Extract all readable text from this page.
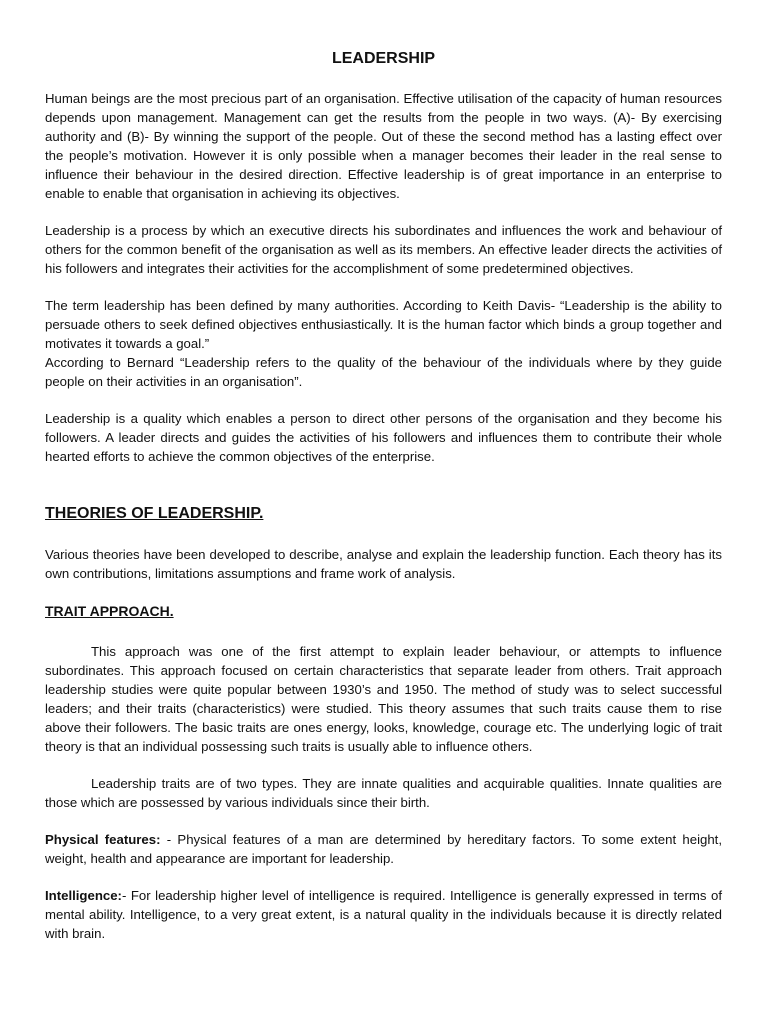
LEADERSHIP

Human beings are the most precious part of an organisation. Effective utilisation of the capacity of human resources depends upon management. Management can get the results from the people in two ways. (A)- By exercising authority and (B)- By winning the support of the people. Out of these the second method has a lasting effect over the people’s motivation. However it is only possible when a manager becomes their leader in the real sense to influence their behaviour in the desired direction. Effective leadership is of great importance in an enterprise to enable to enable that organisation in achieving its objectives.

Leadership is a process by which an executive directs his subordinates and influences the work and behaviour of others for the common benefit of the organisation as well as its members. An effective leader directs the activities of his followers and integrates their activities for the accomplishment of some predetermined objectives.

The term leadership has been defined by many authorities. According to Keith Davis- “Leadership is the ability to persuade others to seek defined objectives enthusiastically. It is the human factor which binds a group together and motivates it towards a goal.”

According to Bernard “Leadership refers to the quality of the behaviour of the individuals where by they guide people on their activities in an organisation”.

Leadership is a quality which enables a person to direct other persons of the organisation and they become his followers. A leader directs and guides the activities of his followers and influences them to contribute their whole hearted efforts to achieve the common objectives of the enterprise.

THEORIES OF LEADERSHIP.

Various theories have been developed to describe, analyse and explain the leadership function. Each theory has its own contributions, limitations assumptions and frame work of analysis.

TRAIT APPROACH.

This approach was one of the first attempt to explain leader behaviour, or attempts to influence subordinates. This approach focused on certain characteristics that separate leader from others. Trait approach leadership studies were quite popular between 1930’s and 1950. The method of study was to select successful leaders; and their traits (characteristics) were studied. This theory assumes that such traits cause them to rise above their followers. The basic traits are ones energy, looks, knowledge, courage etc. The underlying logic of trait theory is that an individual possessing such traits is usually able to influence others.

Leadership traits are of two types. They are innate qualities and acquirable qualities. Innate qualities are those which are possessed by various individuals since their birth.

Physical features: - Physical features of a man are determined by hereditary factors. To some extent height, weight, health and appearance are important for leadership.

Intelligence:- For leadership higher level of intelligence is required. Intelligence is generally expressed in terms of mental ability. Intelligence, to a very great extent, is a natural quality in the individuals because it is directly related with brain.
